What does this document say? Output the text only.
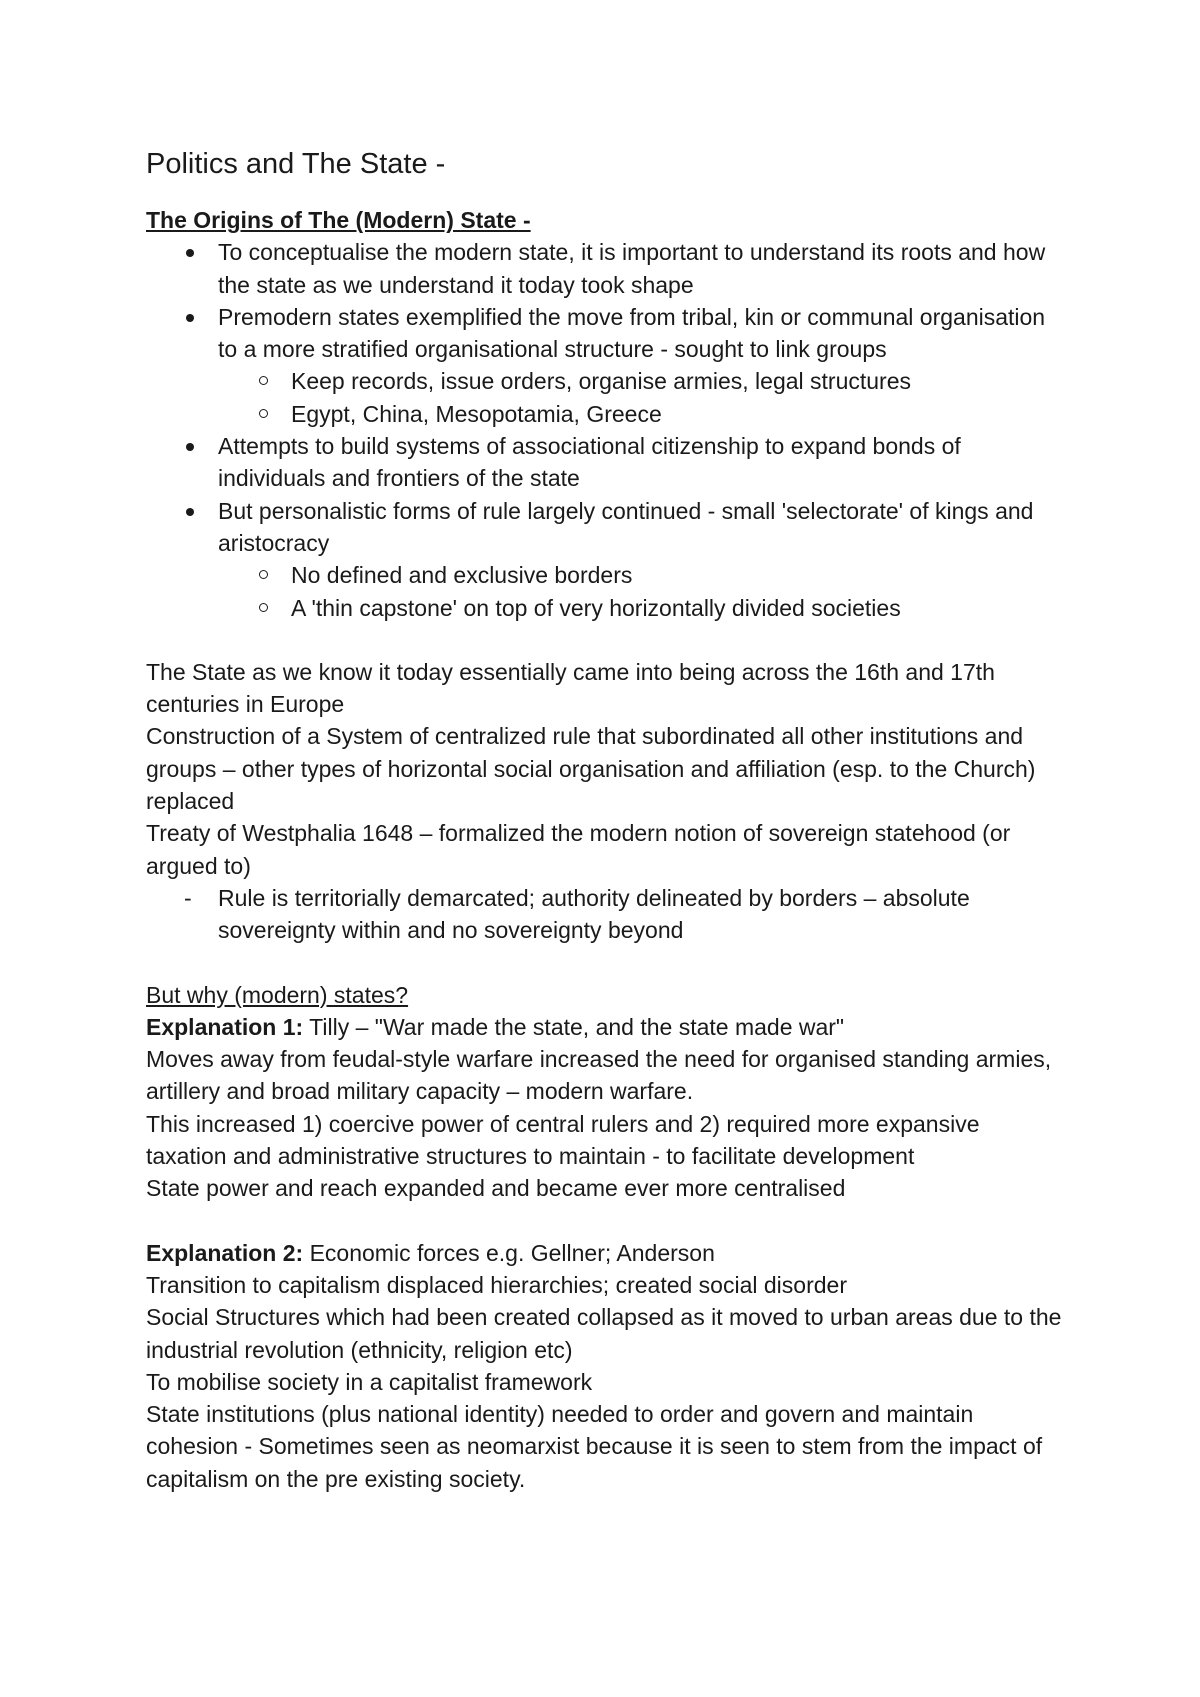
Politics and The State -

The Origins of The (Modern) State -

To conceptualise the modern state, it is important to understand its roots and how the state as we understand it today took shape
Premodern states exemplified the move from tribal, kin or communal organisation to a more stratified organisational structure - sought to link groups
Keep records, issue orders, organise armies, legal structures
Egypt, China, Mesopotamia, Greece
Attempts to build systems of associational citizenship to expand bonds of individuals and frontiers of the state
But personalistic forms of rule largely continued - small 'selectorate' of kings and aristocracy
No defined and exclusive borders
A 'thin capstone' on top of very horizontally divided societies

The State as we know it today essentially came into being across the 16th and 17th centuries in Europe

Construction of a System of centralized rule that subordinated all other institutions and groups – other types of horizontal social organisation and affiliation (esp. to the Church) replaced

Treaty of Westphalia 1648 – formalized the modern notion of sovereign statehood (or argued to)

- Rule is territorially demarcated; authority delineated by borders – absolute sovereignty within and no sovereignty beyond

But why (modern) states?

Explanation 1: Tilly – "War made the state, and the state made war"

Moves away from feudal-style warfare increased the need for organised standing armies, artillery and broad military capacity – modern warfare.

This increased 1) coercive power of central rulers and 2) required more expansive taxation and administrative structures to maintain - to facilitate development

State power and reach expanded and became ever more centralised

Explanation 2: Economic forces e.g. Gellner; Anderson

Transition to capitalism displaced hierarchies; created social disorder

Social Structures which had been created collapsed as it moved to urban areas due to the industrial revolution (ethnicity, religion etc)

To mobilise society in a capitalist framework

State institutions (plus national identity) needed to order and govern and maintain cohesion - Sometimes seen as neomarxist because it is seen to stem from the impact of capitalism on the pre existing society.
